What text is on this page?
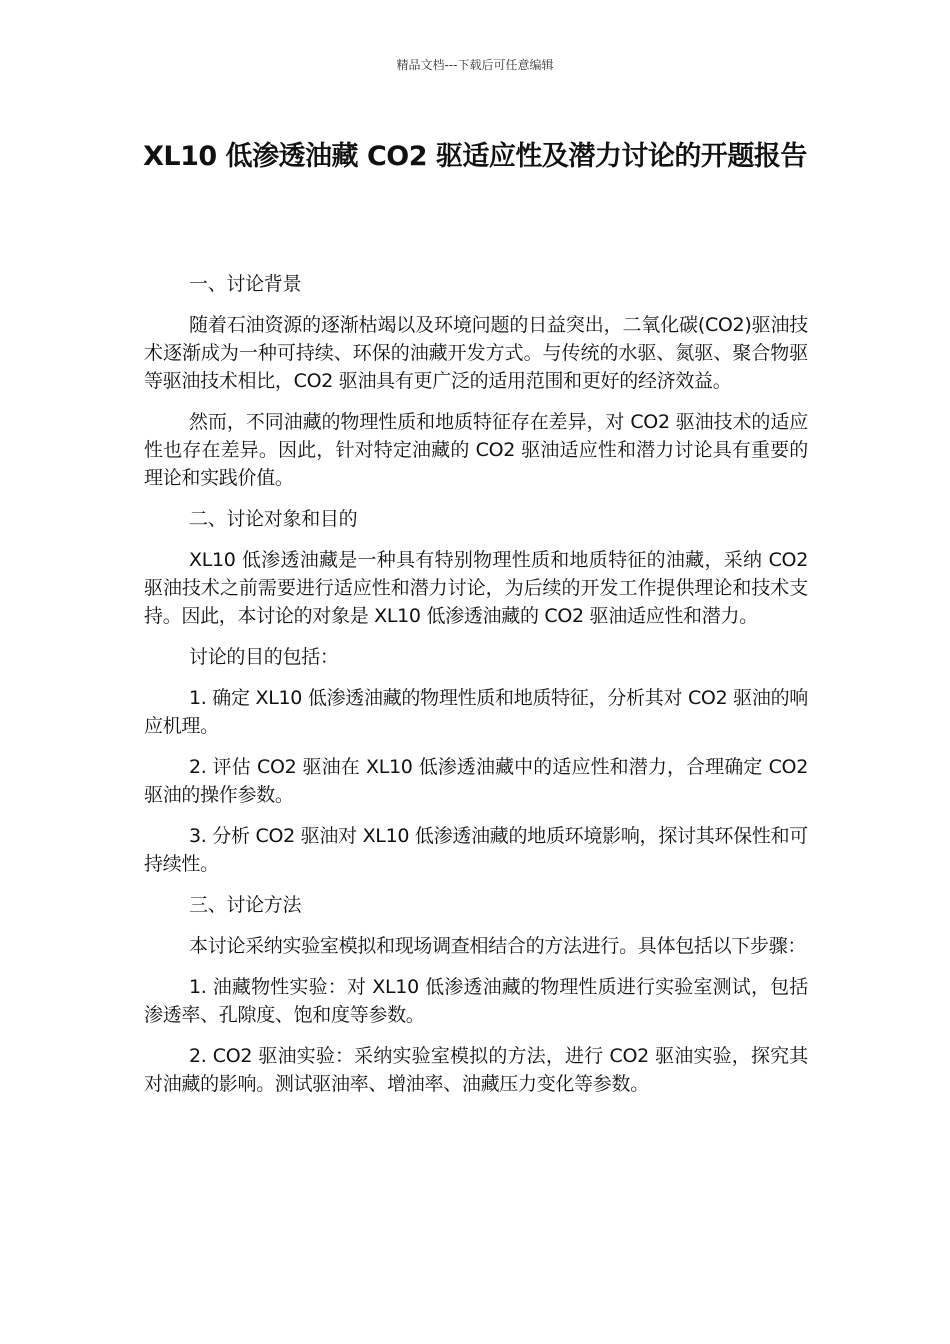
精品文档---下载后可任意编辑
XL10 低渗透油藏 CO2 驱适应性及潜力讨论的开题报告

一、讨论背景

随着石油资源的逐渐枯竭以及环境问题的日益突出，二氧化碳(CO2)驱油技术逐渐成为一种可持续、环保的油藏开发方式。与传统的水驱、氮驱、聚合物驱等驱油技术相比，CO2 驱油具有更广泛的适用范围和更好的经济效益。

然而，不同油藏的物理性质和地质特征存在差异，对 CO2 驱油技术的适应性也存在差异。因此，针对特定油藏的 CO2 驱油适应性和潜力讨论具有重要的理论和实践价值。

二、讨论对象和目的

XL10 低渗透油藏是一种具有特别物理性质和地质特征的油藏，采纳 CO2 驱油技术之前需要进行适应性和潜力讨论，为后续的开发工作提供理论和技术支持。因此，本讨论的对象是 XL10 低渗透油藏的 CO2 驱油适应性和潜力。

讨论的目的包括：

1. 确定 XL10 低渗透油藏的物理性质和地质特征，分析其对 CO2 驱油的响应机理。

2. 评估 CO2 驱油在 XL10 低渗透油藏中的适应性和潜力，合理确定 CO2 驱油的操作参数。

3. 分析 CO2 驱油对 XL10 低渗透油藏的地质环境影响，探讨其环保性和可持续性。

三、讨论方法

本讨论采纳实验室模拟和现场调查相结合的方法进行。具体包括以下步骤：

1. 油藏物性实验：对 XL10 低渗透油藏的物理性质进行实验室测试，包括渗透率、孔隙度、饱和度等参数。

2. CO2 驱油实验：采纳实验室模拟的方法，进行 CO2 驱油实验，探究其对油藏的影响。测试驱油率、增油率、油藏压力变化等参数。
